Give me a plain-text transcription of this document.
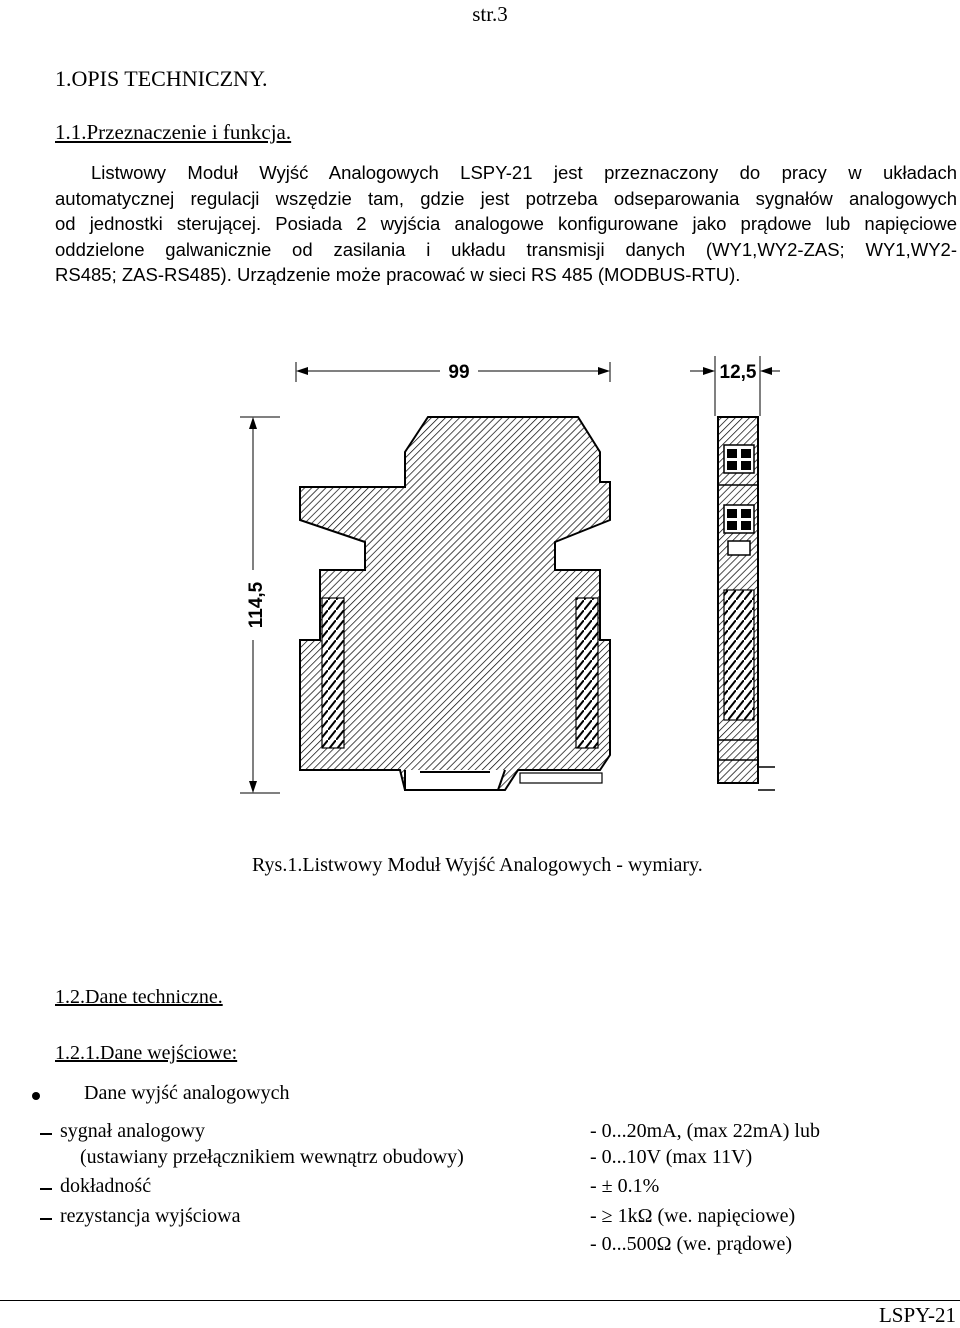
str.3
1.OPIS TECHNICZNY.
1.1.Przeznaczenie i funkcja.
Listwowy Moduł Wyjść Analogowych LSPY-21 jest przeznaczony do pracy w układach
automatycznej regulacji wszędzie tam, gdzie jest potrzeba odseparowania sygnałów analogowych
od jednostki sterującej. Posiada 2 wyjścia analogowe konfigurowane jako prądowe lub napięciowe
oddzielone galwanicznie od zasilania i układu transmisji danych (WY1,WY2-ZAS; WY1,WY2-
RS485; ZAS-RS485). Urządzenie może pracować w sieci RS 485 (MODBUS-RTU).
99	12,5
114,5
Rys.1.Listwowy Moduł Wyjść Analogowych - wymiary.
1.2.Dane techniczne.
1.2.1.Dane wejściowe:
Dane wyjść analogowych
sygnał analogowy	- 0...20mA, (max 22mA) lub
(ustawiany przełącznikiem wewnątrz obudowy)	- 0...10V (max 11V)
dokładność	- ± 0.1%
rezystancja wyjściowa	- ≥ 1kΩ (we. napięciowe)
- 0...500Ω (we. prądowe)
LSPY-21
